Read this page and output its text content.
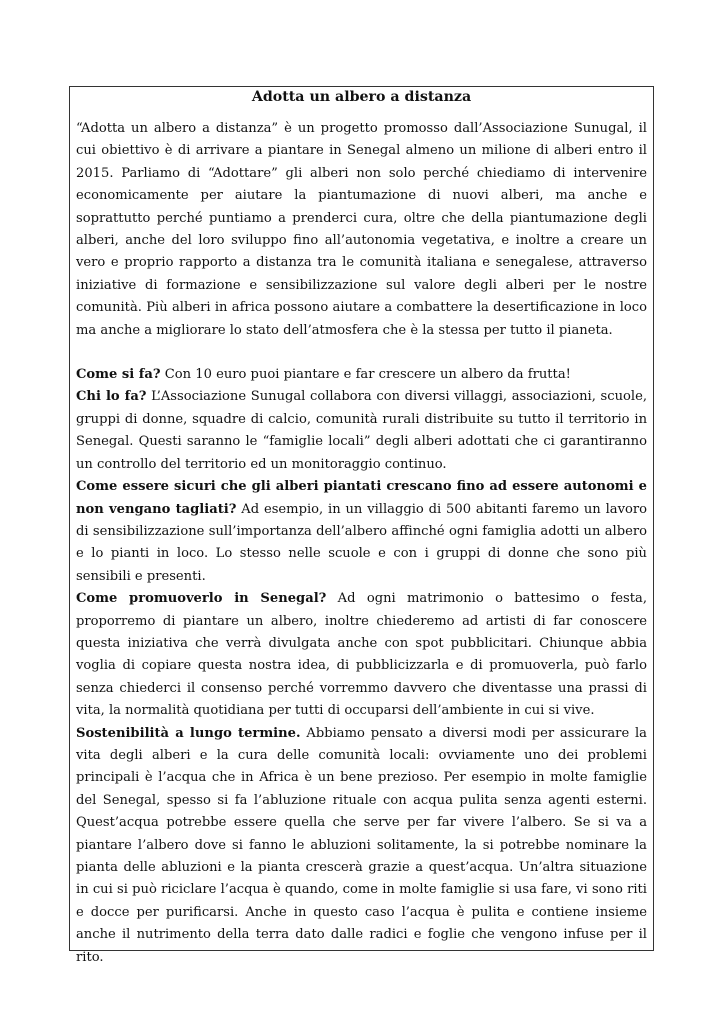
Adotta un albero a distanza

“Adotta un albero a distanza” è un progetto promosso dall’Associazione Sunugal, il cui obiettivo è di arrivare a piantare in Senegal almeno un milione di alberi entro il 2015. Parliamo di “Adottare” gli alberi non solo perché chiediamo di intervenire economicamente per aiutare la piantumazione di nuovi alberi, ma anche e soprattutto perché puntiamo a prenderci cura, oltre che della piantumazione degli alberi, anche del loro sviluppo fino all’autonomia vegetativa, e inoltre a creare un vero e proprio rapporto a distanza tra le comunità italiana e senegalese, attraverso iniziative di formazione e sensibilizzazione sul valore degli alberi per le nostre comunità. Più alberi in africa possono aiutare a combattere la desertificazione in loco ma anche a migliorare lo stato dell’atmosfera che è la stessa per tutto il pianeta.

Come si fa? Con 10 euro puoi piantare e far crescere un albero da frutta!

Chi lo fa? L’Associazione Sunugal collabora con diversi villaggi, associazioni, scuole, gruppi di donne, squadre di calcio, comunità rurali distribuite su tutto il territorio in Senegal. Questi saranno le “famiglie locali” degli alberi adottati che ci garantiranno un controllo del territorio ed un monitoraggio continuo.

Come essere sicuri che gli alberi piantati crescano fino ad essere autonomi e non vengano tagliati? Ad esempio, in un villaggio di 500 abitanti faremo un lavoro di sensibilizzazione sull’importanza dell’albero affinché ogni famiglia adotti un albero e lo pianti in loco. Lo stesso nelle scuole e con i gruppi di donne che sono più sensibili e presenti.

Come promuoverlo in Senegal? Ad ogni matrimonio o battesimo o festa, proporremo di piantare un albero, inoltre chiederemo ad artisti di far conoscere questa iniziativa che verrà divulgata anche con spot pubblicitari. Chiunque abbia voglia di copiare questa nostra idea, di pubblicizzarla e di promuoverla, può farlo senza chiederci il consenso perché vorremmo davvero che diventasse una prassi di vita, la normalità quotidiana per tutti di occuparsi dell’ambiente in cui si vive.

Sostenibilità a lungo termine. Abbiamo pensato a diversi modi per assicurare la vita degli alberi e la cura delle comunità locali: ovviamente uno dei problemi principali è l’acqua che in Africa è un bene prezioso. Per esempio in molte famiglie del Senegal, spesso si fa l’abluzione rituale con acqua pulita senza agenti esterni. Quest’acqua potrebbe essere quella che serve per far vivere l’albero. Se si va a piantare l’albero dove si fanno le abluzioni solitamente, la si potrebbe nominare la pianta delle abluzioni e la pianta crescerà grazie a quest’acqua. Un’altra situazione in cui si può riciclare l’acqua è quando, come in molte famiglie si usa fare, vi sono riti e docce per purificarsi. Anche in questo caso l’acqua è pulita e contiene insieme anche il nutrimento della terra dato dalle radici e foglie che vengono infuse per il rito.
